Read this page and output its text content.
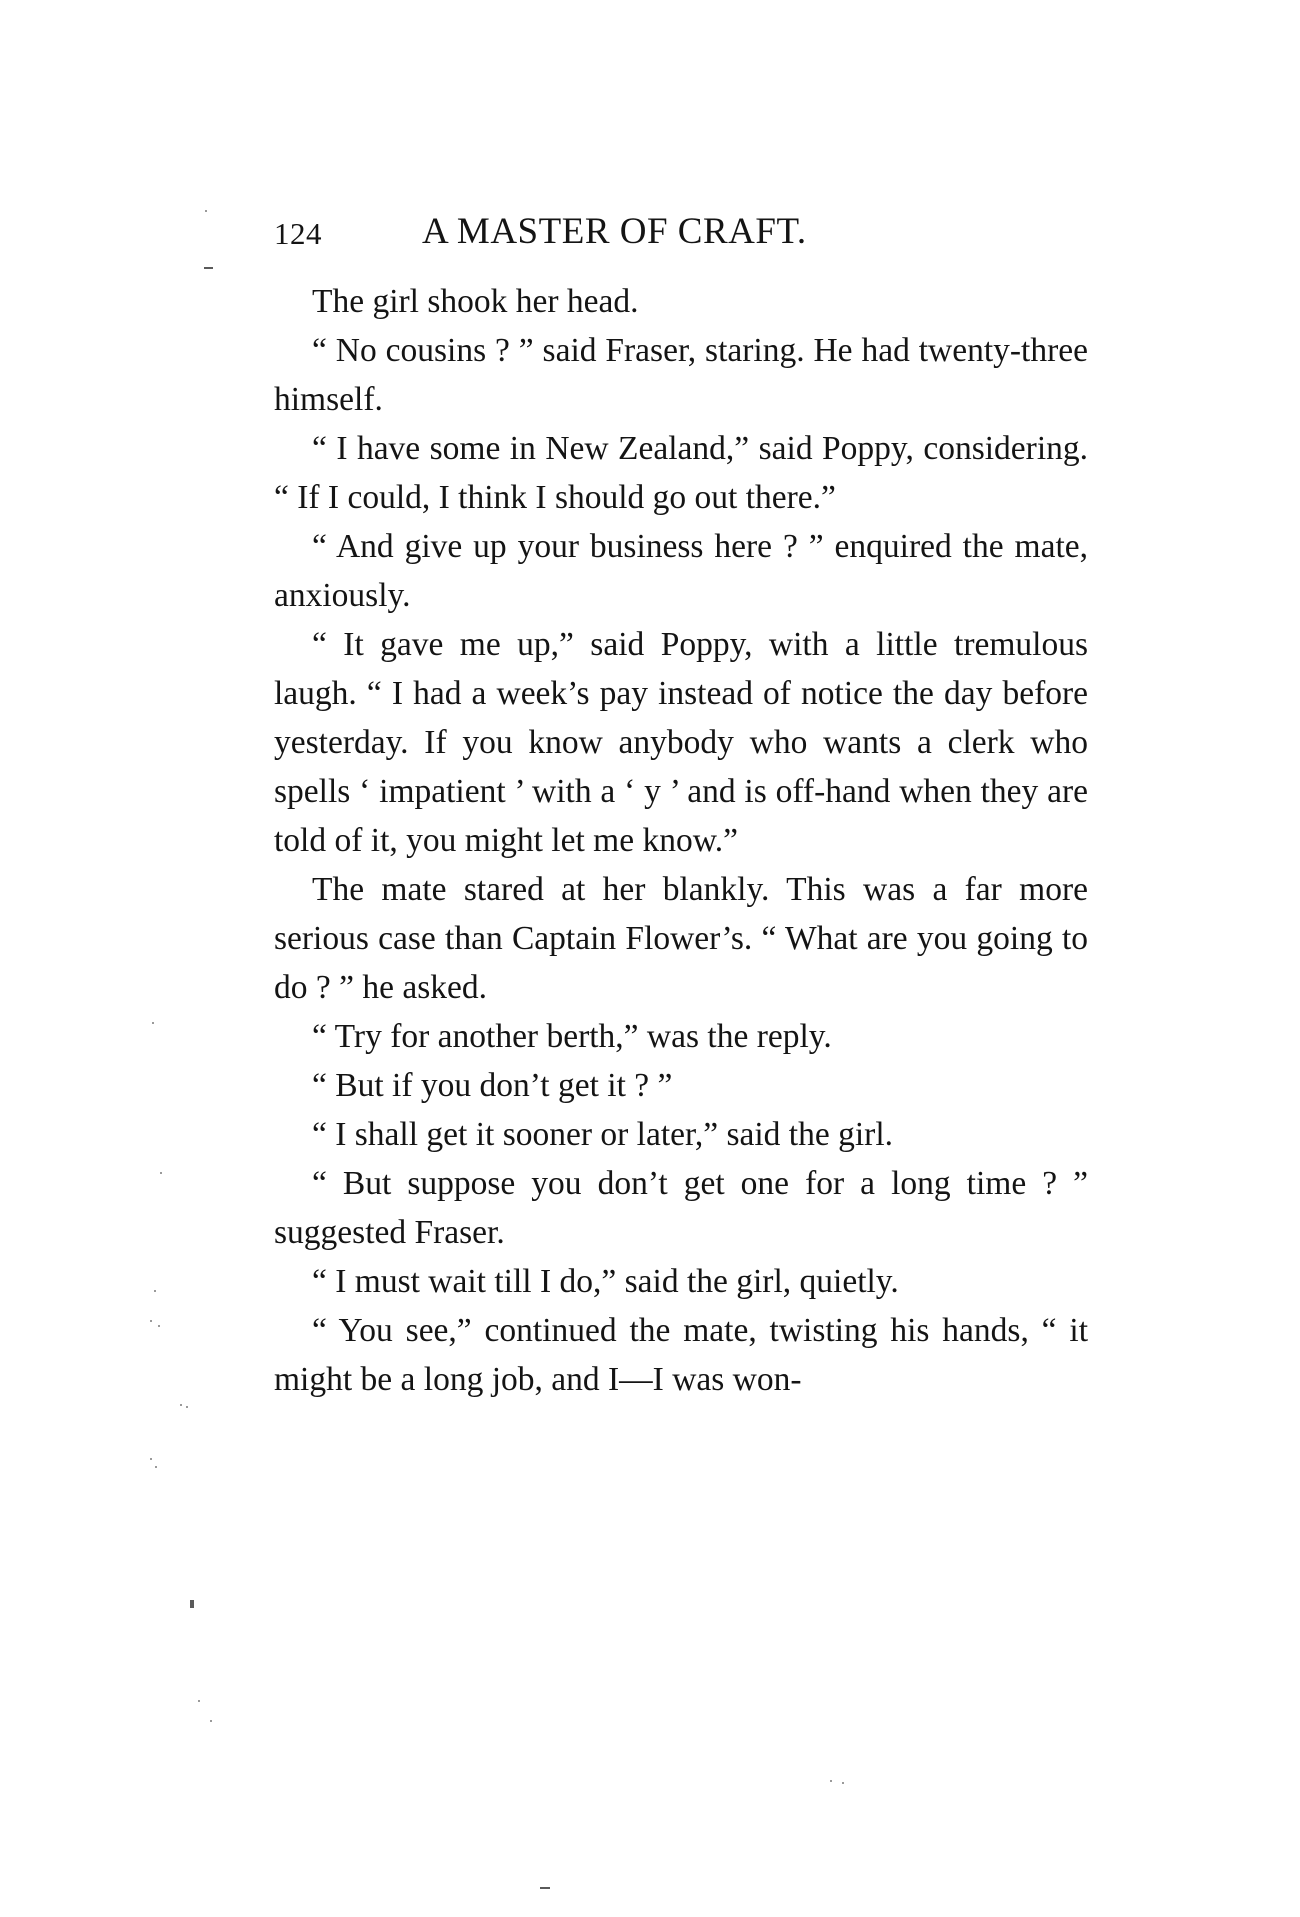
124	A MASTER OF CRAFT.

The girl shook her head.

“ No cousins ? ” said Fraser, staring. He had twenty-three himself.

“ I have some in New Zealand,” said Poppy, considering. “ If I could, I think I should go out there.”

“ And give up your business here ? ” enquired the mate, anxiously.

“ It gave me up,” said Poppy, with a little tremulous laugh. “ I had a week’s pay instead of notice the day before yesterday. If you know anybody who wants a clerk who spells ‘ impatient ’ with a ‘ y ’ and is off-hand when they are told of it, you might let me know.”

The mate stared at her blankly. This was a far more serious case than Captain Flower’s. “ What are you going to do ? ” he asked.

“ Try for another berth,” was the reply.

“ But if you don’t get it ? ”

“ I shall get it sooner or later,” said the girl.

“ But suppose you don’t get one for a long time ? ” suggested Fraser.

“ I must wait till I do,” said the girl, quietly.

“ You see,” continued the mate, twisting his hands, “ it might be a long job, and I—I was won-
